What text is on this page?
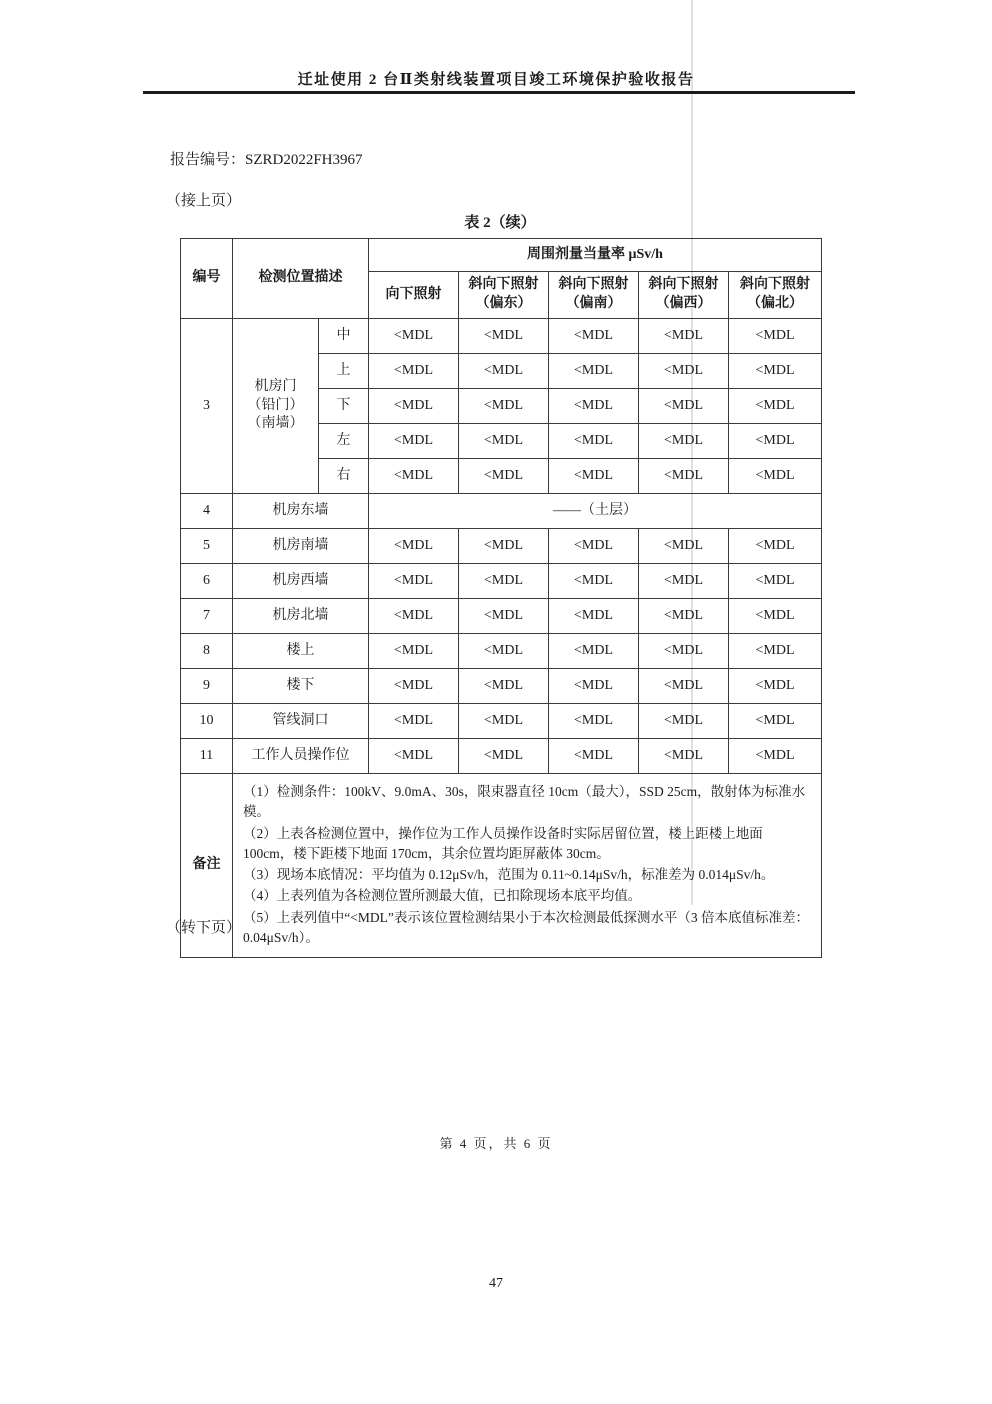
迁址使用 2 台Ⅱ类射线装置项目竣工环境保护验收报告
报告编号：SZRD2022FH3967
（接上页）
表 2（续）
编号	检测位置描述		周围剂量当量率 μSv/h				
			向下照射	斜向下照射（偏东）	斜向下照射（偏南）	斜向下照射（偏西）	斜向下照射（偏北）
3	机房门（铅门）（南墙）	中	<MDL	<MDL	<MDL	<MDL	<MDL
		上	<MDL	<MDL	<MDL	<MDL	<MDL
		下	<MDL	<MDL	<MDL	<MDL	<MDL
		左	<MDL	<MDL	<MDL	<MDL	<MDL
		右	<MDL	<MDL	<MDL	<MDL	<MDL
4	机房东墙		——（土层）				
5	机房南墙		<MDL	<MDL	<MDL	<MDL	<MDL
6	机房西墙		<MDL	<MDL	<MDL	<MDL	<MDL
7	机房北墙		<MDL	<MDL	<MDL	<MDL	<MDL
8	楼上		<MDL	<MDL	<MDL	<MDL	<MDL
9	楼下		<MDL	<MDL	<MDL	<MDL	<MDL
10	管线洞口		<MDL	<MDL	<MDL	<MDL	<MDL
11	工作人员操作位		<MDL	<MDL	<MDL	<MDL	<MDL
备注	（1）检测条件：100kV、9.0mA、30s，限束器直径 10cm（最大），SSD 25cm，散射体为标准水模。

（2）上表各检测位置中，操作位为工作人员操作设备时实际居留位置，楼上距楼上地面 100cm，楼下距楼下地面 170cm，其余位置均距屏蔽体 30cm。

（3）现场本底情况：平均值为 0.12μSv/h，范围为 0.11~0.14μSv/h，标准差为 0.014μSv/h。

（4）上表列值为各检测位置所测最大值，已扣除现场本底平均值。

（5）上表列值中“<MDL”表示该位置检测结果小于本次检测最低探测水平（3 倍本底值标准差：0.04μSv/h）。						

（转下页）
第 4 页，共 6 页
47
